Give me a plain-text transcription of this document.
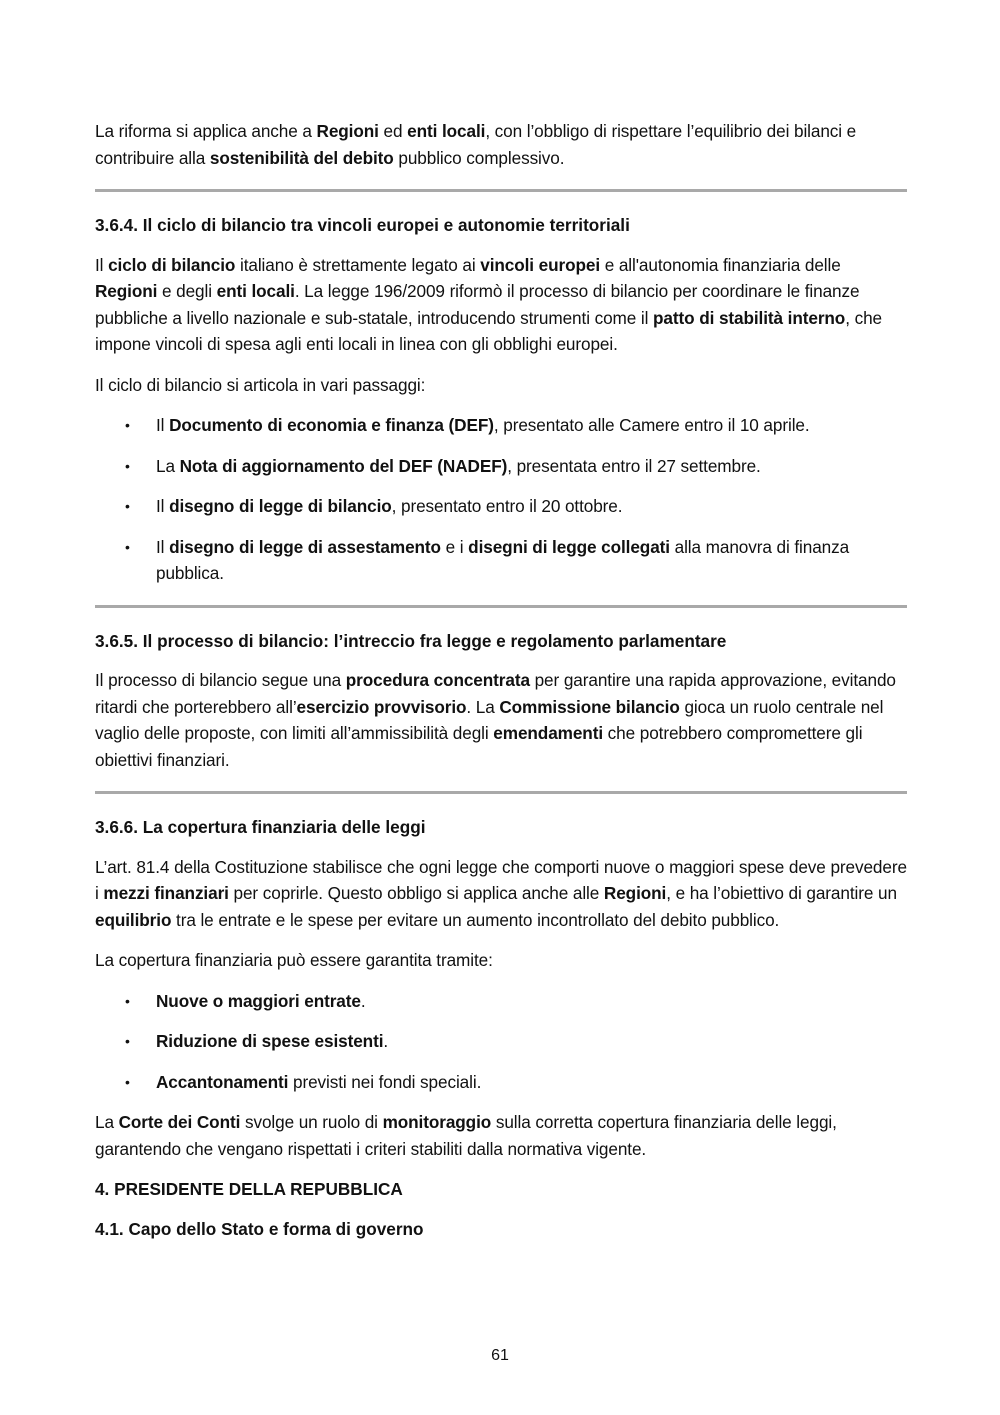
La riforma si applica anche a Regioni ed enti locali, con l’obbligo di rispettare l’equilibrio dei bilanci e contribuire alla sostenibilità del debito pubblico complessivo.

3.6.4. Il ciclo di bilancio tra vincoli europei e autonomie territoriali

Il ciclo di bilancio italiano è strettamente legato ai vincoli europei e all'autonomia finanziaria delle Regioni e degli enti locali. La legge 196/2009 riformò il processo di bilancio per coordinare le finanze pubbliche a livello nazionale e sub-statale, introducendo strumenti come il patto di stabilità interno, che impone vincoli di spesa agli enti locali in linea con gli obblighi europei.

Il ciclo di bilancio si articola in vari passaggi:

• Il Documento di economia e finanza (DEF), presentato alle Camere entro il 10 aprile.
• La Nota di aggiornamento del DEF (NADEF), presentata entro il 27 settembre.
• Il disegno di legge di bilancio, presentato entro il 20 ottobre.
• Il disegno di legge di assestamento e i disegni di legge collegati alla manovra di finanza pubblica.
3.6.5. Il processo di bilancio: l’intreccio fra legge e regolamento parlamentare

Il processo di bilancio segue una procedura concentrata per garantire una rapida approvazione, evitando ritardi che porterebbero all’esercizio provvisorio. La Commissione bilancio gioca un ruolo centrale nel vaglio delle proposte, con limiti all’ammissibilità degli emendamenti che potrebbero compromettere gli obiettivi finanziari.

3.6.6. La copertura finanziaria delle leggi

L’art. 81.4 della Costituzione stabilisce che ogni legge che comporti nuove o maggiori spese deve prevedere i mezzi finanziari per coprirle. Questo obbligo si applica anche alle Regioni, e ha l’obiettivo di garantire un equilibrio tra le entrate e le spese per evitare un aumento incontrollato del debito pubblico.

La copertura finanziaria può essere garantita tramite:

• Nuove o maggiori entrate.
• Riduzione di spese esistenti.
• Accantonamenti previsti nei fondi speciali.

La Corte dei Conti svolge un ruolo di monitoraggio sulla corretta copertura finanziaria delle leggi, garantendo che vengano rispettati i criteri stabiliti dalla normativa vigente.

4. PRESIDENTE DELLA REPUBBLICA
4.1. Capo dello Stato e forma di governo
61
